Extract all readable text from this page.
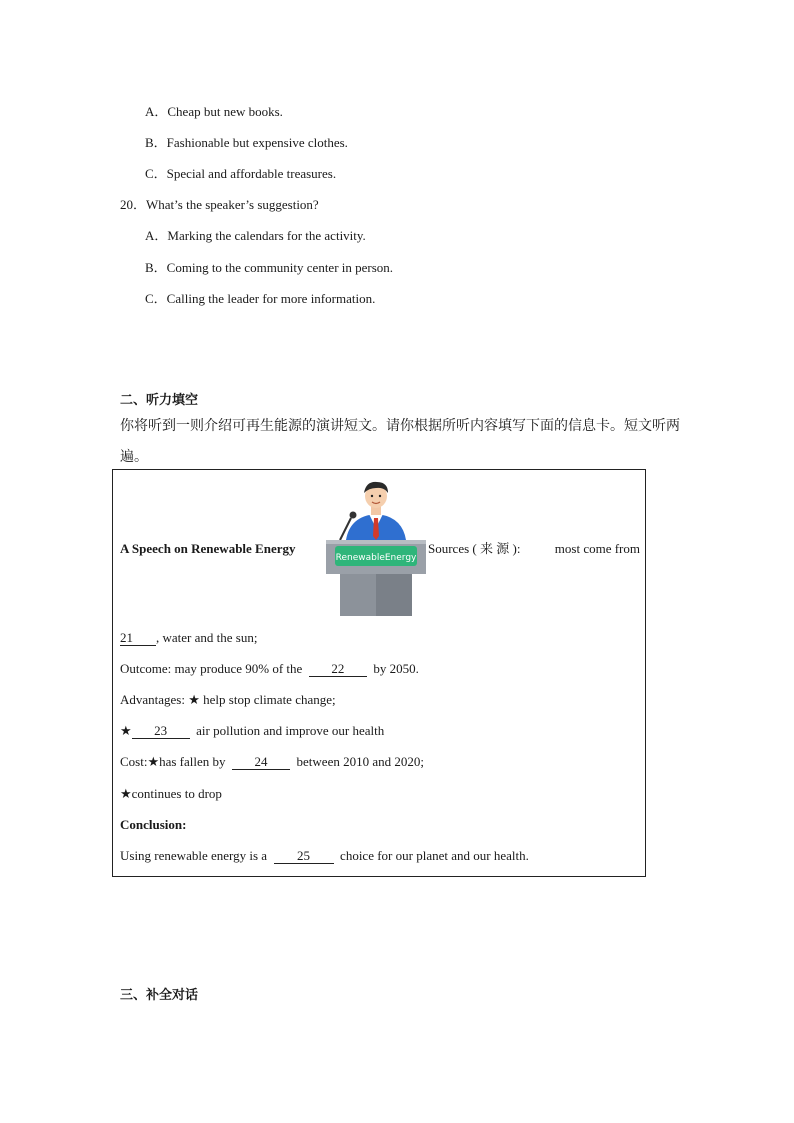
A．Cheap but new books.
B．Fashionable but expensive clothes.
C．Special and affordable treasures.
20．What’s the speaker’s suggestion?
A．Marking the calendars for the activity.
B．Coming to the community center in person.
C．Calling the leader for more information.
二、听力填空
你将听到一则介绍可再生能源的演讲短文。请你根据所听内容填写下面的信息卡。短文听两
遍。
A Speech on Renewable Energy
RenewableEnergy
Sources ( 来 源 ):	most come from
21 , water and the sun;
Outcome: may produce 90% of the 22 by 2050.
Advantages: ★ help stop climate change;
★ 23 air pollution and improve our health
Cost:★has fallen by 24 between 2010 and 2020;
★continues to drop
Conclusion:
Using renewable energy is a 25 choice for our planet and our health.
三、补全对话
